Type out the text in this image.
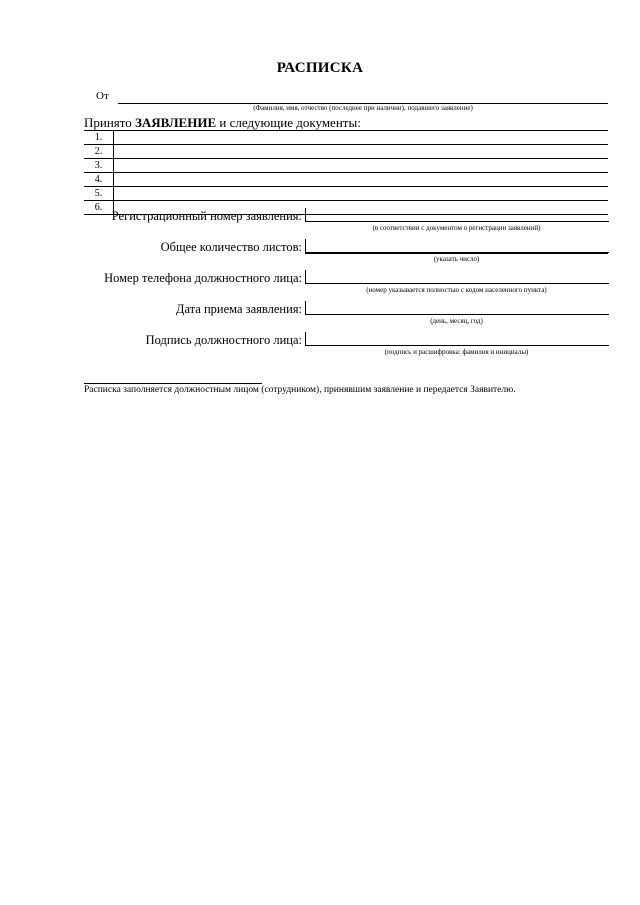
РАСПИСКА
От
(Фамилия, имя, отчество (последнее при наличии), подавшего заявление)
Принято ЗАЯВЛЕНИЕ и следующие документы:
1.
2.
3.
4.
5.
6.
Регистрационный номер заявления:
(в соответствии с документом о регистрации заявлений)
Общее количество листов:
(указать число)
Номер телефона должностного лица:
(номер указывается полностью с кодом населенного пункта)
Дата приема заявления:
(день, месяц, год)
Подпись должностного лица:
(подпись и расшифровка: фамилия и инициалы)
Расписка заполняется должностным лицом (сотрудником), принявшим заявление и передается Заявителю.
